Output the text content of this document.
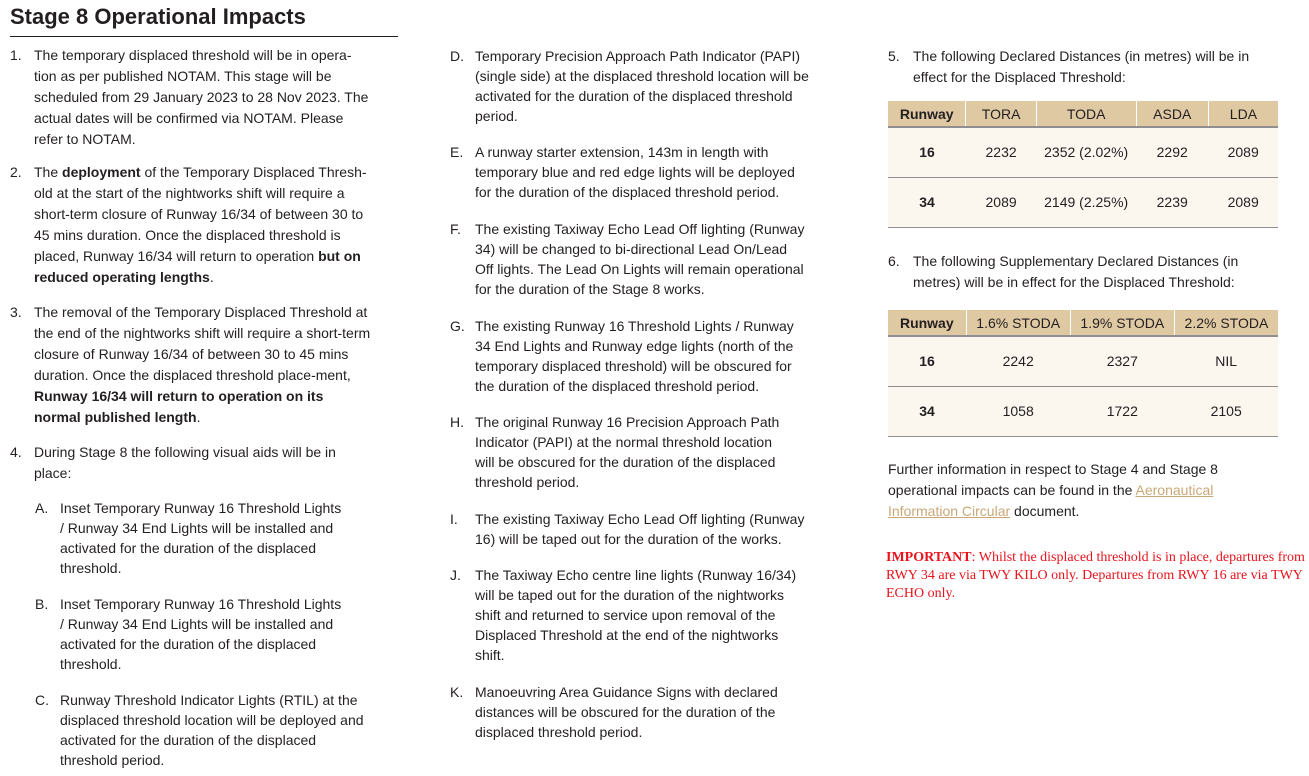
Stage 8 Operational Impacts
1. The temporary displaced threshold will be in opera-
tion as per published NOTAM. This stage will be
scheduled from 29 January 2023 to 28 Nov 2023. The
actual dates will be confirmed via NOTAM. Please
refer to NOTAM.
2. The deployment of the Temporary Displaced Thresh-
old at the start of the nightworks shift will require a
short-term closure of Runway 16/34 of between 30 to
45 mins duration. Once the displaced threshold is
placed, Runway 16/34 will return to operation but on
reduced operating lengths.
3. The removal of the Temporary Displaced Threshold at
the end of the nightworks shift will require a short-term
closure of Runway 16/34 of between 30 to 45 mins
duration. Once the displaced threshold place-ment,
Runway 16/34 will return to operation on its
normal published length.
4. During Stage 8 the following visual aids will be in
place:
A. Inset Temporary Runway 16 Threshold Lights
/ Runway 34 End Lights will be installed and
activated for the duration of the displaced
threshold.
B. Inset Temporary Runway 16 Threshold Lights
/ Runway 34 End Lights will be installed and
activated for the duration of the displaced
threshold.
C. Runway Threshold Indicator Lights (RTIL) at the
displaced threshold location will be deployed and
activated for the duration of the displaced
threshold period.
D. Temporary Precision Approach Path Indicator (PAPI)
(single side) at the displaced threshold location will be
activated for the duration of the displaced threshold
period.
E. A runway starter extension, 143m in length with
temporary blue and red edge lights will be deployed
for the duration of the displaced threshold period.
F. The existing Taxiway Echo Lead Off lighting (Runway
34) will be changed to bi-directional Lead On/Lead
Off lights. The Lead On Lights will remain operational
for the duration of the Stage 8 works.
G. The existing Runway 16 Threshold Lights / Runway
34 End Lights and Runway edge lights (north of the
temporary displaced threshold) will be obscured for
the duration of the displaced threshold period.
H. The original Runway 16 Precision Approach Path
Indicator (PAPI) at the normal threshold location
will be obscured for the duration of the displaced
threshold period.
I. The existing Taxiway Echo Lead Off lighting (Runway
16) will be taped out for the duration of the works.
J. The Taxiway Echo centre line lights (Runway 16/34)
will be taped out for the duration of the nightworks
shift and returned to service upon removal of the
Displaced Threshold at the end of the nightworks
shift.
K. Manoeuvring Area Guidance Signs with declared
distances will be obscured for the duration of the
displaced threshold period.
5. The following Declared Distances (in metres) will be in
effect for the Displaced Threshold:
6. The following Supplementary Declared Distances (in
metres) will be in effect for the Displaced Threshold:
Runway	TORA	TODA	ASDA	LDA
16	2232	2352 (2.02%)	2292	2089
34	2089	2149 (2.25%)	2239	2089
Runway	1.6% STODA	1.9% STODA	2.2% STODA
16	2242	2327	NIL
34	1058	1722	2105
Further information in respect to Stage 4 and Stage 8
operational impacts can be found in the Aeronautical
Information Circular document.
IMPORTANT: Whilst the displaced threshold is in place, departures from RWY 34 are via TWY KILO only. Departures from RWY 16 are via TWY ECHO only.
